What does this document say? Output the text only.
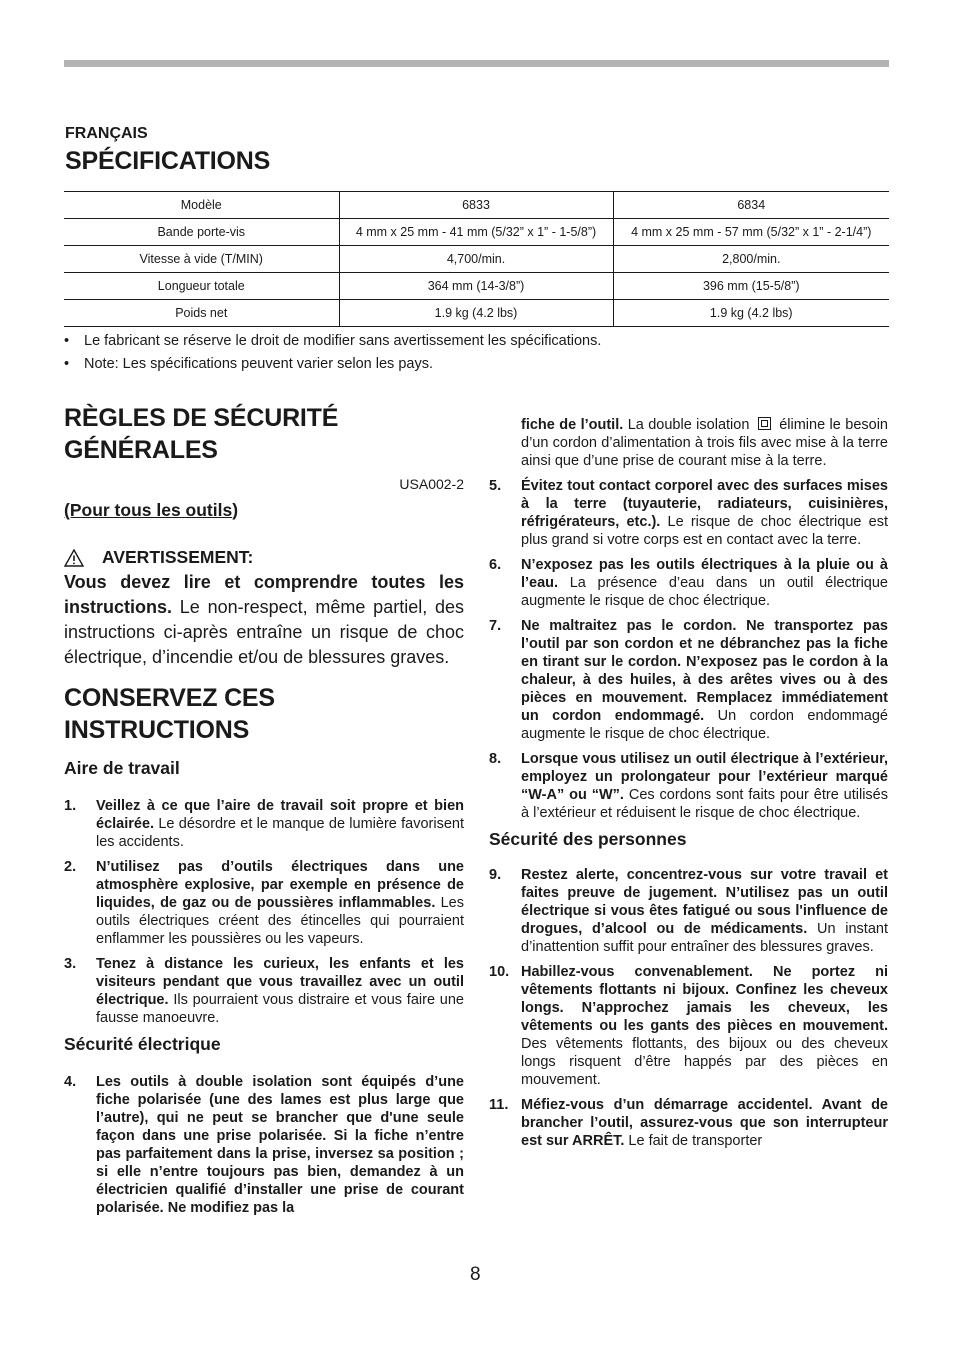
FRANÇAIS

SPÉCIFICATIONS
Modèle	6833	6834
Bande porte-vis	4 mm x 25 mm - 41 mm (5/32” x 1” - 1-5/8”)	4 mm x 25 mm - 57 mm (5/32” x 1” - 2-1/4”)
Vitesse à vide (T/MIN)	4,700/min.	2,800/min.
Longueur totale	364 mm (14-3/8”)	396 mm (15-5/8”)
Poids net	1.9 kg (4.2 lbs)	1.9 kg (4.2 lbs)
• Le fabricant se réserve le droit de modifier sans avertissement les spécifications.
• Note: Les spécifications peuvent varier selon les pays.
RÈGLES DE SÉCURITÉ
GÉNÉRALES

USA002-2

(Pour tous les outils)

AVERTISSEMENT:

Vous devez lire et comprendre toutes les instructions. Le non-respect, même partiel, des instructions ci-après entraîne un risque de choc électrique, d’incendie et/ou de blessures graves.

CONSERVEZ CES
INSTRUCTIONS
Aire de travail
1. Veillez à ce que l’aire de travail soit propre et bien éclairée. Le désordre et le manque de lumière favorisent les accidents.
2. N’utilisez pas d’outils électriques dans une atmosphère explosive, par exemple en présence de liquides, de gaz ou de poussières inflammables. Les outils électriques créent des étincelles qui pourraient enflammer les poussières ou les vapeurs.
3. Tenez à distance les curieux, les enfants et les visiteurs pendant que vous travaillez avec un outil électrique. Ils pourraient vous distraire et vous faire une fausse manoeuvre.
Sécurité électrique
4. Les outils à double isolation sont équipés d’une fiche polarisée (une des lames est plus large que l’autre), qui ne peut se brancher que d'une seule façon dans une prise polarisée. Si la fiche n’entre pas parfaitement dans la prise, inversez sa position ; si elle n’entre toujours pas bien, demandez à un électricien qualifié d’installer une prise de courant polarisée. Ne modifiez pas la

fiche de l’outil. La double isolation  élimine le besoin d’un cordon d’alimentation à trois fils avec mise à la terre ainsi que d’une prise de courant mise à la terre.

5. Évitez tout contact corporel avec des surfaces mises à la terre (tuyauterie, radiateurs, cuisinières, réfrigérateurs, etc.). Le risque de choc électrique est plus grand si votre corps est en contact avec la terre.
6. N’exposez pas les outils électriques à la pluie ou à l’eau. La présence d’eau dans un outil électrique augmente le risque de choc électrique.
7. Ne maltraitez pas le cordon. Ne transportez pas l’outil par son cordon et ne débranchez pas la fiche en tirant sur le cordon. N’exposez pas le cordon à la chaleur, à des huiles, à des arêtes vives ou à des pièces en mouvement. Remplacez immédiatement un cordon endommagé. Un cordon endommagé augmente le risque de choc électrique.
8. Lorsque vous utilisez un outil électrique à l’extérieur, employez un prolongateur pour l’extérieur marqué “W-A” ou “W”. Ces cordons sont faits pour être utilisés à l’extérieur et réduisent le risque de choc électrique.
Sécurité des personnes
9. Restez alerte, concentrez-vous sur votre travail et faites preuve de jugement. N’utilisez pas un outil électrique si vous êtes fatigué ou sous l'influence de drogues, d’alcool ou de médicaments. Un instant d’inattention suffit pour entraîner des blessures graves.
10. Habillez-vous convenablement. Ne portez ni vêtements flottants ni bijoux. Confinez les cheveux longs. N’approchez jamais les cheveux, les vêtements ou les gants des pièces en mouvement. Des vêtements flottants, des bijoux ou des cheveux longs risquent d’être happés par des pièces en mouvement.
11. Méfiez-vous d’un démarrage accidentel. Avant de brancher l’outil, assurez-vous que son interrupteur est sur ARRÊT. Le fait de transporter
8
